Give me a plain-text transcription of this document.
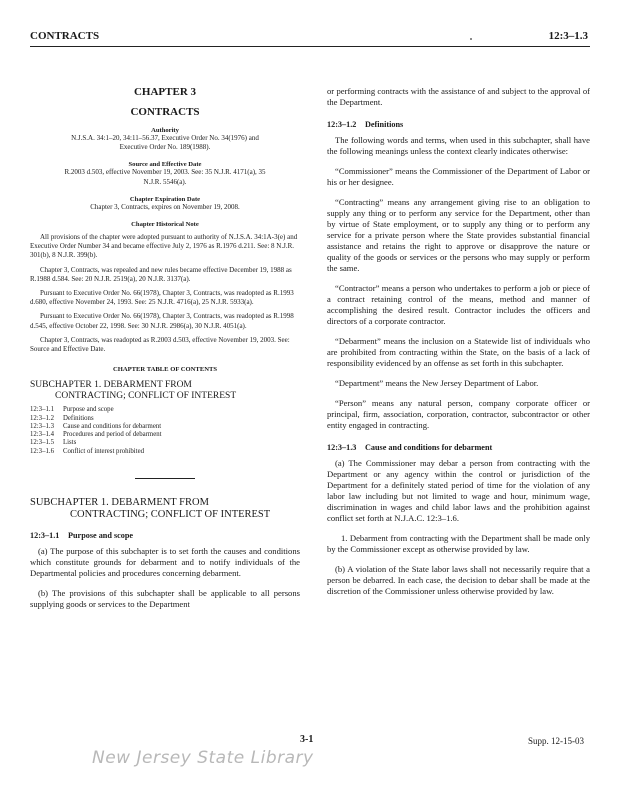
CONTRACTS	12:3–1.3
CHAPTER 3
CONTRACTS
Authority
N.J.S.A. 34:1–20, 34:11–56.37, Executive Order No. 34(1976) and Executive Order No. 189(1988).
Source and Effective Date
R.2003 d.503, effective November 19, 2003. See: 35 N.J.R. 4171(a), 35 N.J.R. 5546(a).
Chapter Expiration Date
Chapter 3, Contracts, expires on November 19, 2008.
Chapter Historical Note
All provisions of the chapter were adopted pursuant to authority of N.J.S.A. 34:1A-3(e) and Executive Order Number 34 and became effective July 2, 1976 as R.1976 d.211. See: 8 N.J.R. 301(b), 8 N.J.R. 399(b).
Chapter 3, Contracts, was repealed and new rules became effective December 19, 1988 as R.1988 d.584. See: 20 N.J.R. 2519(a), 20 N.J.R. 3137(a).
Pursuant to Executive Order No. 66(1978), Chapter 3, Contracts, was readopted as R.1993 d.680, effective November 24, 1993. See: 25 N.J.R. 4716(a), 25 N.J.R. 5933(a).
Pursuant to Executive Order No. 66(1978), Chapter 3, Contracts, was readopted as R.1998 d.545, effective October 22, 1998. See: 30 N.J.R. 2986(a), 30 N.J.R. 4051(a).
Chapter 3, Contracts, was readopted as R.2003 d.503, effective November 19, 2003. See: Source and Effective Date.
CHAPTER TABLE OF CONTENTS
SUBCHAPTER 1. DEBARMENT FROM
CONTRACTING; CONFLICT OF INTEREST
12:3–1.1	Purpose and scope
12:3–1.2	Definitions
12:3–1.3	Cause and conditions for debarment
12:3–1.4	Procedures and period of debarment
12:3–1.5	Lists
12:3–1.6	Conflict of interest prohibited
SUBCHAPTER 1. DEBARMENT FROM
CONTRACTING; CONFLICT OF INTEREST
12:3–1.1 Purpose and scope
(a) The purpose of this subchapter is to set forth the causes and conditions which constitute grounds for debarment and to notify individuals of the Departmental policies and procedures concerning debarment.
(b) The provisions of this subchapter shall be applicable to all persons supplying goods or services to the Department
or performing contracts with the assistance of and subject to the approval of the Department.
12:3–1.2 Definitions
The following words and terms, when used in this subchapter, shall have the following meanings unless the context clearly indicates otherwise:
“Commissioner” means the Commissioner of the Department of Labor or his or her designee.
“Contracting” means any arrangement giving rise to an obligation to supply any thing or to perform any service for the Department, other than by virtue of State employment, or to supply any thing or to perform any service for a private person where the State provides substantial financial assistance and retains the right to approve or disapprove the nature or quality of the goods or services or the persons who may supply or perform the same.
“Contractor” means a person who undertakes to perform a job or piece of a contract retaining control of the means, method and manner of accomplishing the desired result. Contractor includes the officers and directors of a corporate contractor.
“Debarment” means the inclusion on a Statewide list of individuals who are prohibited from contracting within the State, on the basis of a lack of responsibility evidenced by an offense as set forth in this subchapter.
“Department” means the New Jersey Department of Labor.
“Person” means any natural person, company corporate officer or principal, firm, association, corporation, contractor, subcontractor or other entity engaged in contracting.
12:3–1.3 Cause and conditions for debarment
(a) The Commissioner may debar a person from contracting with the Department or any agency within the control or jurisdiction of the Department for a definitely stated period of time for the violation of any labor law including but not limited to wage and hour, minimum wage, discrimination in wages and child labor laws and the prohibition against conflict set forth at N.J.A.C. 12:3–1.6.
1. Debarment from contracting with the Department shall be made only by the Commissioner except as otherwise provided by law.
(b) A violation of the State labor laws shall not necessarily require that a person be debarred. In each case, the decision to debar shall be made at the discretion of the Commissioner unless otherwise provided by law.
3-1	Supp. 12-15-03
New Jersey State Library
